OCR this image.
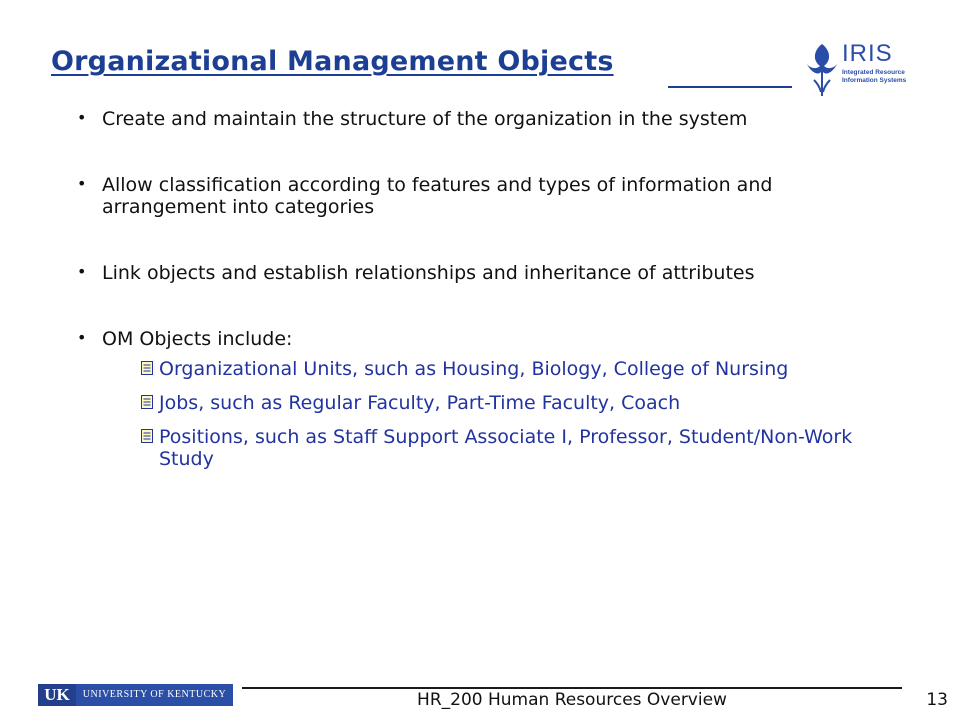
Organizational Management Objects	IRIS
Integrated Resource
Information Systems
• Create and maintain the structure of the organization in the system
• Allow classification according to features and types of information and arrangement into categories
• Link objects and establish relationships and inheritance of attributes
• OM Objects include:
Organizational Units, such as Housing, Biology, College of Nursing
Jobs, such as Regular Faculty, Part-Time Faculty, Coach
Positions, such as Staff Support Associate I, Professor, Student/Non-Work Study
UK	UNIVERSITY OF KENTUCKY	HR_200 Human Resources Overview	13
